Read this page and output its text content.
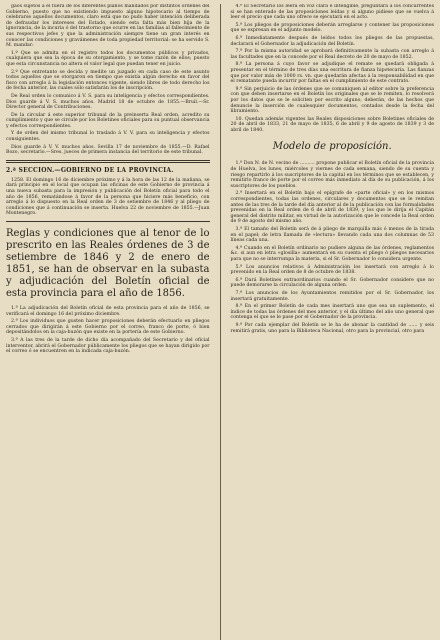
gaos sujetos á él fuera de los diferentes planos mandados por distintos órdenes del Gobierno, puesto que no existiendo impuesto alguno hipotecario al tiempo de celebrarse aquellos documentos, claro está que no pudo haber intención deliberada de defraudar los intereses del Estado, siendo esta falta más bien hija de la ignorancia, de la incuria ó del trastorno que ocurre en las familias al fallecimiento de sus respectivos jefes y que la administración siempre tiene un gran interés en conocer las condiciones y gravámenes de toda propiedad territorial: se ha servido S. M. mandar:

1.º Que se admita en el registro todos los documentos públicos y privados, cualquiera que sea la época de su otorgamiento, y se tome razón de ellos; puesto que esta circunstancia no altera el valor legal que puedan tener en juicio.

2.º Que entretanto se decida y medite un juzgado en cada caso de este asunto todos aquellos que se otorgaron en tiempo que existía algún derecho en favor del fisco con arreglo á la legislación entonces vigente, siendo libres de todo derecho los de fecha anterior, las cuales sólo satisfarán los de inscripción.

De Real orden lo comunico á V. S. para su inteligencia y efectos correspondientes. Dios guarde á V. S. muchos años. Madrid 18 de octubre de 1855.—Bruil.—Sr. Director general de Contribuciones.

De la circular á este superior tribunal de la preinserta Real orden, acredito su cumplimiento y que se circule por los Boletines oficiales para su puntual observancia y efectos correspondientes.

Y de orden del mismo tribunal lo traslado á V. V. para su inteligencia y efectos consiguientes.

Dios guarde á V. V. muchos años. Sevilla 17 de noviembre de 1855.—D. Rafael Bozo, secretario.—Sres. jueces de primera instancia del territorio de este tribunal.

2.ª SECCION.—GOBIERNO DE LA PROVINCIA.

1258. El domingo 16 de diciembre próximo y á la hora de las 12 de la mañana, se dará principio en el local que ocupan las oficinas de este Gobierno de provincia á una nueva subasta para la impresión y publicación del Boletín oficial para todo el año de 1856, rematándose á favor de la persona que hiciere más beneficio, con arreglo á lo dispuesto en la Real orden de 3 de setiembre de 1846 y al pliego de condiciones que á continuación se inserta. Huelva 22 de noviembre de 1855.—Juan Montenegro.

Reglas y condiciones que al tenor de lo prescrito en las Reales órdenes de 3 de setiembre de 1846 y 2 de enero de 1851, se han de observar en la subasta y adjudicación del Boletín oficial de esta provincia para el año de 1856.

1.ª La adjudicación del Boletín oficial de esta provincia para el año de 1856, se verificará el domingo 16 del próximo diciembre.

2.ª Los individuos que gusten hacer proposiciones deberán efectuarlo en pliegos cerrados que dirigirán á este Gobierno por el correo, franco de porte, ó bien depositándolos en la caja-buzón que existe en la portería de este Gobierno.

3.ª A las tres de la tarde de dicho día acompañado del Secretario y del oficial interventor, abrirá el Gobernador públicamente los pliegos que se hayan dirigido por el correo ó se encuentren en la indicada caja-buzón.

4.ª El Secretario los leerá en voz clara é inteligible, preguntará á los concurrentes si se han enterado de las proposiciones leídas y si alguno pidiese que se vuelva á leer el precio que cada uno ofrece se ejecutará en el acto.

5.ª Los pliegos de proposiciones deberán arreglarse y contener las proposiciones que se expresan en el adjunto modelo.

6.ª Inmediatamente después de leídos todos los pliegos de las propuestas, declarará el Gobernador la adjudicación del Boletín.

7.ª Por la misma autoridad se aprobará definitivamente la subasta con arreglo á las facultades que en la concede por el Real decreto de 20 de mayo de 1852.

8.ª La persona á cuyo favor se adjudique el remate se quedará obligada á presentar en el término de tres días una escritura de fianza hipotecaria. Las fianzas que por valor máx de 1000 rs. vn. que quedarán afectas á la responsabilidad en que el rematante pueda incurrir por faltas en el cumplimiento de este contrato.

9.ª Sin perjuicio de las órdenes que se comuniquen al editor sobre la preferencia con que deben insertarse en el Boletín los originales que se le remiten, lo resolverá por los datos que se le soliciten por escrito alguno, deberán, de las hechos que denuncie la inserción de cualesquier documentos, contados desde la fecha del libramiento.

10. Quedan además vigentes las Reales disposiciones sobre Boletines oficiales de 20 de abril de 1833, 21 de mayo de 1835, 6 de abril y 9 de agosto de 1839 y 3 de abril de 1840.

Modelo de proposición.

1.ª Don N. de N. vecino de .......... propone publicar el Boletín oficial de la provincia de Huelva, los lunes, miércoles y viernes de cada semana, siendo de su cuenta y riesgo repartirlo á los suscriptores de la capital en los términos que se establecen, y remitirlo franco de porte por el correo más inmediato al día de su publicación, á los suscriptores de los pueblos.

2.ª Insertará en el Boletín bajo el epígrafe de «parte oficial» y en los mismos correspondientes, todas las ordenes, circulares y documentos que se le remitan antes de las tres de la tarde del día anterior al de la publicación con las formalidades prevenidas en la Real orden de 6 de abril de 1839, y los que le dirija el Capitán general del distrito militar, en virtud de la autorización que le concede la Real orden de 9 de agosto del mismo año.

3.ª El tamaño del Boletín será de á pliego de marquilla más ó menos de la tirada en el papel; de letra llamada de «lectura» llevando cada una dos columnas de 53 líneas cada una.

4.ª Cuando en el Boletín ordinario no pudiere alguna de las órdenes, reglamentos &c. si aun en letra «glosilla» aumentará en su cuenta el pliego ó pliegos necesarios para que no se interrumpa la materia, si el Sr. Gobernador lo considera urgente.

5.ª Los anuncios relativos á Administración los insertará con arreglo á lo prevenido en la Real orden de 8 de octubre de 1838.

6.ª Dará Boletines extraordinarios cuando el Sr. Gobernador considere que no puede demorarse la circulación de alguna orden.

7.ª Los anuncios de los Ayuntamientos remitidos por el Sr. Gobernador, los insertará gratuitamente.

8.ª En el primer Boletín de cada mes insertará uno que sea un suplemento, el índice de todas las órdenes del mes anterior, y el día último del año uno general que contenga el que se le pase por el Gobernador de la provincia.

9.ª Por cada ejemplar del Boletín se le ha de abonar la cantidad de ...... y seis remitirá gratis, uno para la Biblioteca Nacional, otro para la provincial, otro para
